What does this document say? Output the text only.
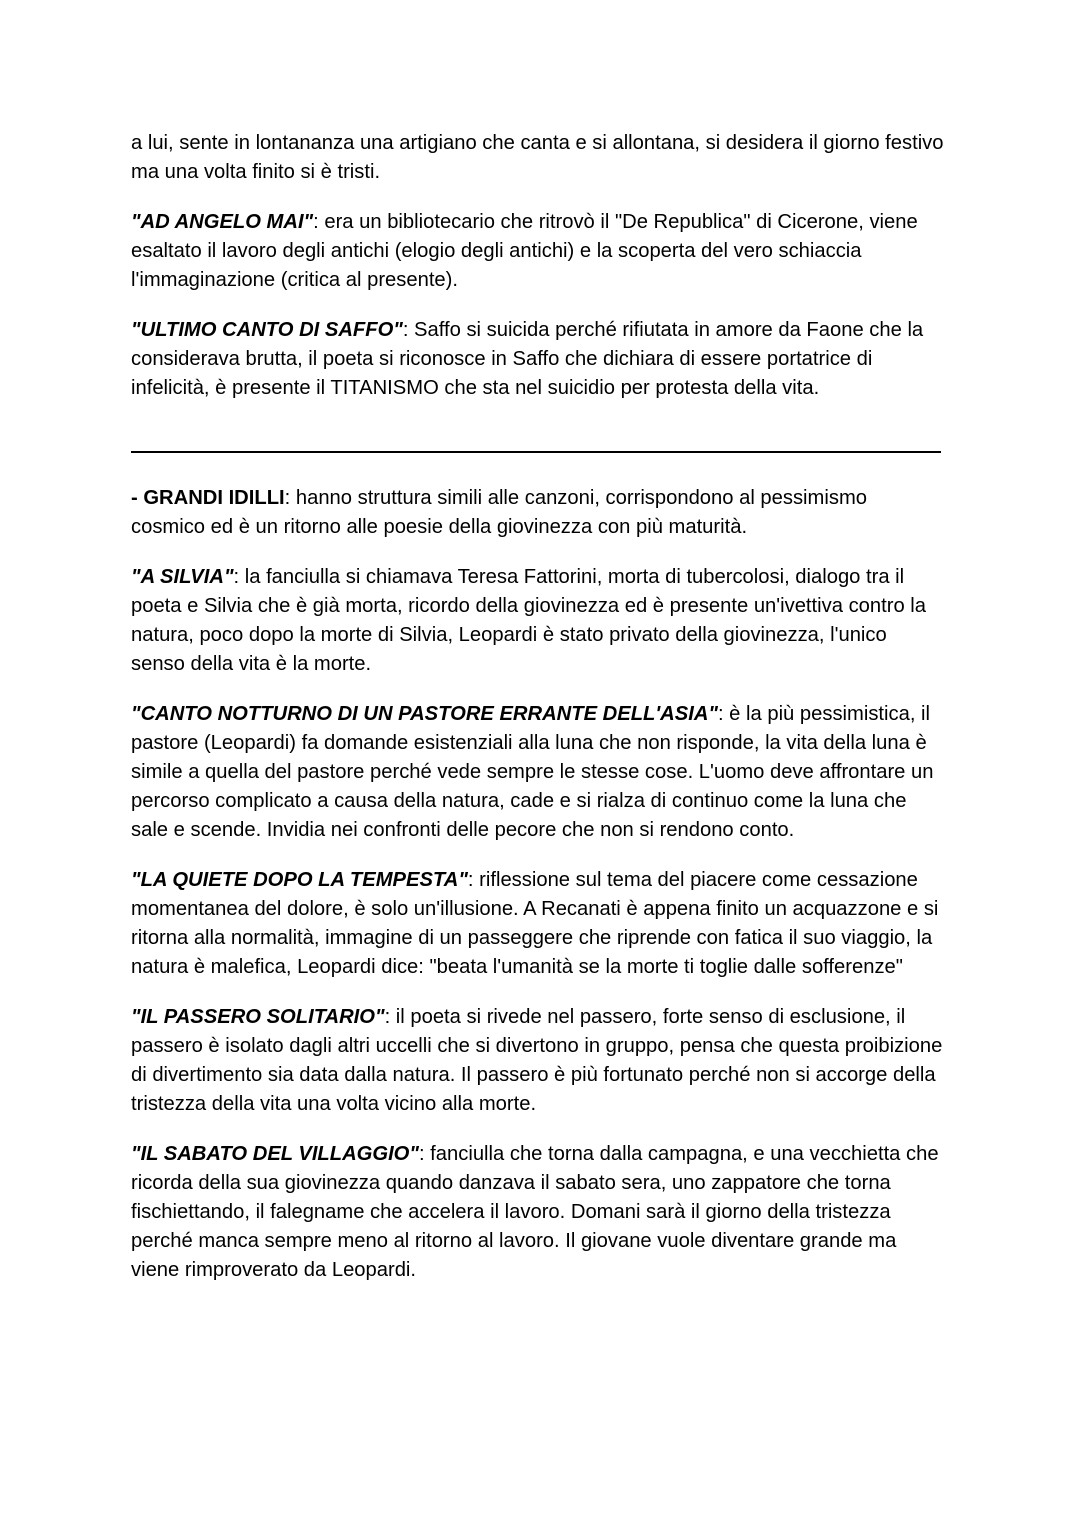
a lui, sente in lontananza una artigiano che canta e si allontana, si desidera il giorno festivo ma una volta finito si è tristi.

"AD ANGELO MAI": era un bibliotecario che ritrovò il "De Republica" di Cicerone, viene esaltato il lavoro degli antichi (elogio degli antichi) e la scoperta del vero schiaccia l'immaginazione (critica al presente).

"ULTIMO CANTO DI SAFFO": Saffo si suicida perché rifiutata in amore da Faone che la considerava brutta, il poeta si riconosce in Saffo che dichiara di essere portatrice di infelicità, è presente il TITANISMO che sta nel suicidio per protesta della vita.

- GRANDI IDILLI: hanno struttura simili alle canzoni, corrispondono al pessimismo cosmico ed è un ritorno alle poesie della giovinezza con più maturità.

"A SILVIA": la fanciulla si chiamava Teresa Fattorini, morta di tubercolosi, dialogo tra il poeta e Silvia che è già morta, ricordo della giovinezza ed è presente un'ivettiva contro la natura, poco dopo la morte di Silvia, Leopardi è stato privato della giovinezza, l'unico senso della vita è la morte.

"CANTO NOTTURNO DI UN PASTORE ERRANTE DELL'ASIA": è la più pessimistica, il pastore (Leopardi) fa domande esistenziali alla luna che non risponde, la vita della luna è simile a quella del pastore perché vede sempre le stesse cose. L'uomo deve affrontare un percorso complicato a causa della natura, cade e si rialza di continuo come la luna che sale e scende. Invidia nei confronti delle pecore che non si rendono conto.

"LA QUIETE DOPO LA TEMPESTA": riflessione sul tema del piacere come cessazione momentanea del dolore, è solo un'illusione. A Recanati è appena finito un acquazzone e si ritorna alla normalità, immagine di un passeggere che riprende con fatica il suo viaggio, la natura è malefica, Leopardi dice: "beata l'umanità se la morte ti toglie dalle sofferenze"

"IL PASSERO SOLITARIO": il poeta si rivede nel passero, forte senso di esclusione, il passero è isolato dagli altri uccelli che si divertono in gruppo, pensa che questa proibizione di divertimento sia data dalla natura. Il passero è più fortunato perché non si accorge della tristezza della vita una volta vicino alla morte.

"IL SABATO DEL VILLAGGIO": fanciulla che torna dalla campagna, e una vecchietta che ricorda della sua giovinezza quando danzava il sabato sera, uno zappatore che torna fischiettando, il falegname che accelera il lavoro. Domani sarà il giorno della tristezza perché manca sempre meno al ritorno al lavoro. Il giovane vuole diventare grande ma viene rimproverato da Leopardi.
